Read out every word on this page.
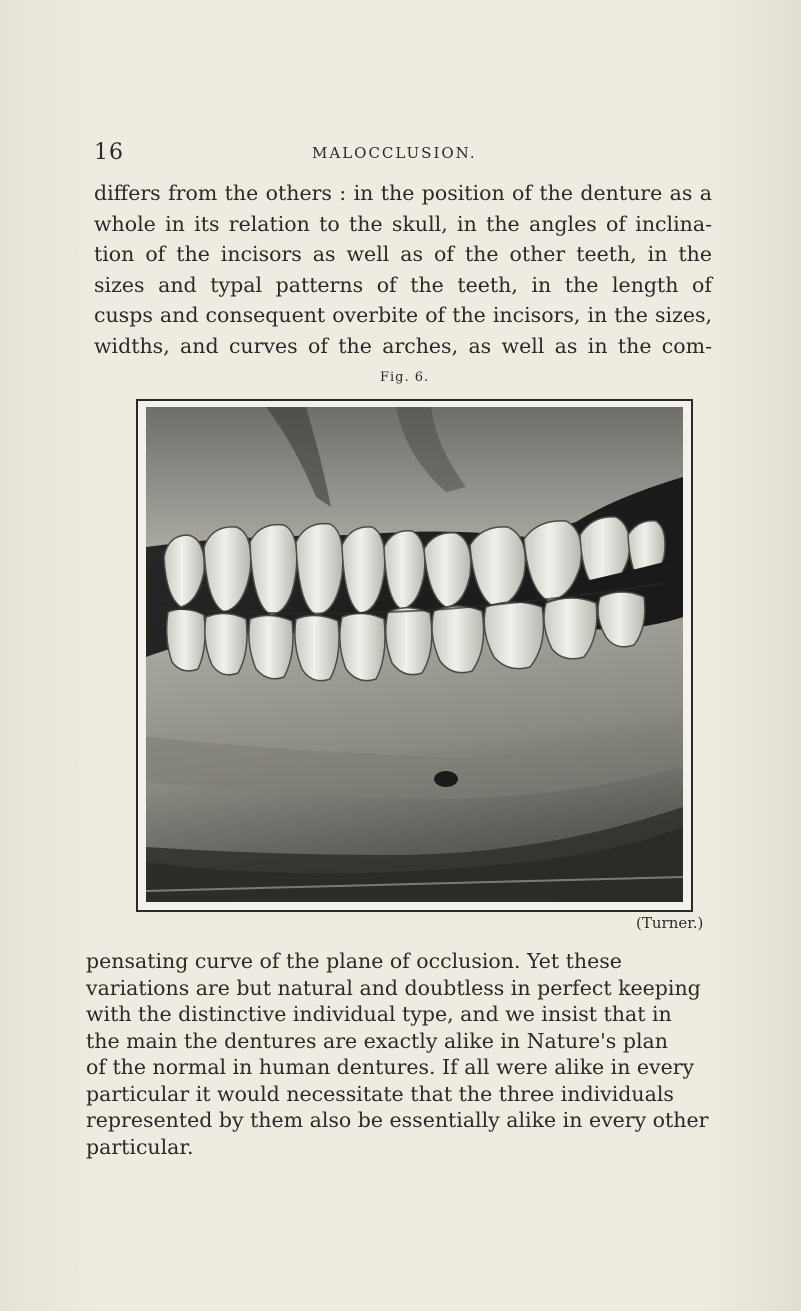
16	MALOCCLUSION.
differs from the others : in the position of the denture as a
whole in its relation to the skull, in the angles of inclina-
tion of the incisors as well as of the other teeth, in the
sizes and typal patterns of the teeth, in the length of
cusps and consequent overbite of the incisors, in the sizes,
widths, and curves of the arches, as well as in the com-
Fig. 6.
(Turner.)
pensating curve of the plane of occlusion. Yet these
variations are but natural and doubtless in perfect keeping
with the distinctive individual type, and we insist that in
the main the dentures are exactly alike in Nature's plan
of the normal in human dentures. If all were alike in every
particular it would necessitate that the three individuals
represented by them also be essentially alike in every other
particular.
